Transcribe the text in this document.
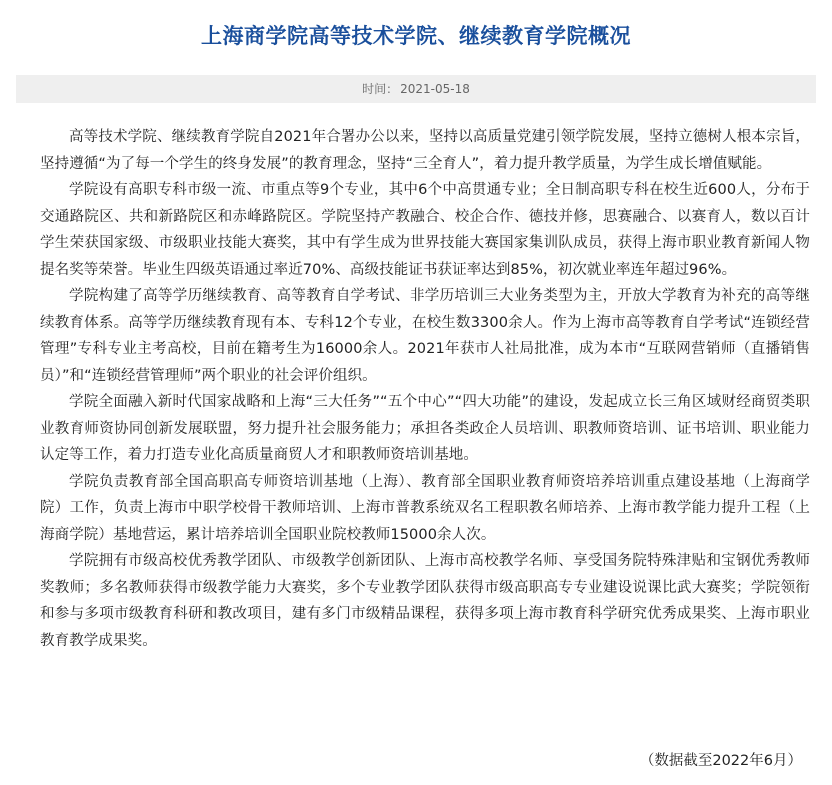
上海商学院高等技术学院、继续教育学院概况
时间： 2021-05-18

高等技术学院、继续教育学院自2021年合署办公以来，坚持以高质量党建引领学院发展，坚持立德树人根本宗旨，坚持遵循“为了每一个学生的终身发展”的教育理念，坚持“三全育人”，着力提升教学质量，为学生成长增值赋能。

学院设有高职专科市级一流、市重点等9个专业，其中6个中高贯通专业；全日制高职专科在校生近600人，分布于交通路院区、共和新路院区和赤峰路院区。学院坚持产教融合、校企合作、德技并修，思赛融合、以赛育人，数以百计学生荣获国家级、市级职业技能大赛奖，其中有学生成为世界技能大赛国家集训队成员，获得上海市职业教育新闻人物提名奖等荣誉。毕业生四级英语通过率近70%、高级技能证书获证率达到85%，初次就业率连年超过96%。

学院构建了高等学历继续教育、高等教育自学考试、非学历培训三大业务类型为主，开放大学教育为补充的高等继续教育体系。高等学历继续教育现有本、专科12个专业，在校生数3300余人。作为上海市高等教育自学考试“连锁经营管理”专科专业主考高校，目前在籍考生为16000余人。2021年获市人社局批准，成为本市“互联网营销师（直播销售员）”和“连锁经营管理师”两个职业的社会评价组织。

学院全面融入新时代国家战略和上海“三大任务”“五个中心”“四大功能”的建设，发起成立长三角区域财经商贸类职业教育师资协同创新发展联盟，努力提升社会服务能力；承担各类政企人员培训、职教师资培训、证书培训、职业能力认定等工作，着力打造专业化高质量商贸人才和职教师资培训基地。

学院负责教育部全国高职高专师资培训基地（上海）、教育部全国职业教育师资培养培训重点建设基地（上海商学院）工作，负责上海市中职学校骨干教师培训、上海市普教系统双名工程职教名师培养、上海市教学能力提升工程（上海商学院）基地营运，累计培养培训全国职业院校教师15000余人次。

学院拥有市级高校优秀教学团队、市级教学创新团队、上海市高校教学名师、享受国务院特殊津贴和宝钢优秀教师奖教师；多名教师获得市级教学能力大赛奖，多个专业教学团队获得市级高职高专专业建设说课比武大赛奖；学院领衔和参与多项市级教育科研和教改项目，建有多门市级精品课程，获得多项上海市教育科学研究优秀成果奖、上海市职业教育教学成果奖。

（数据截至2022年6月）
